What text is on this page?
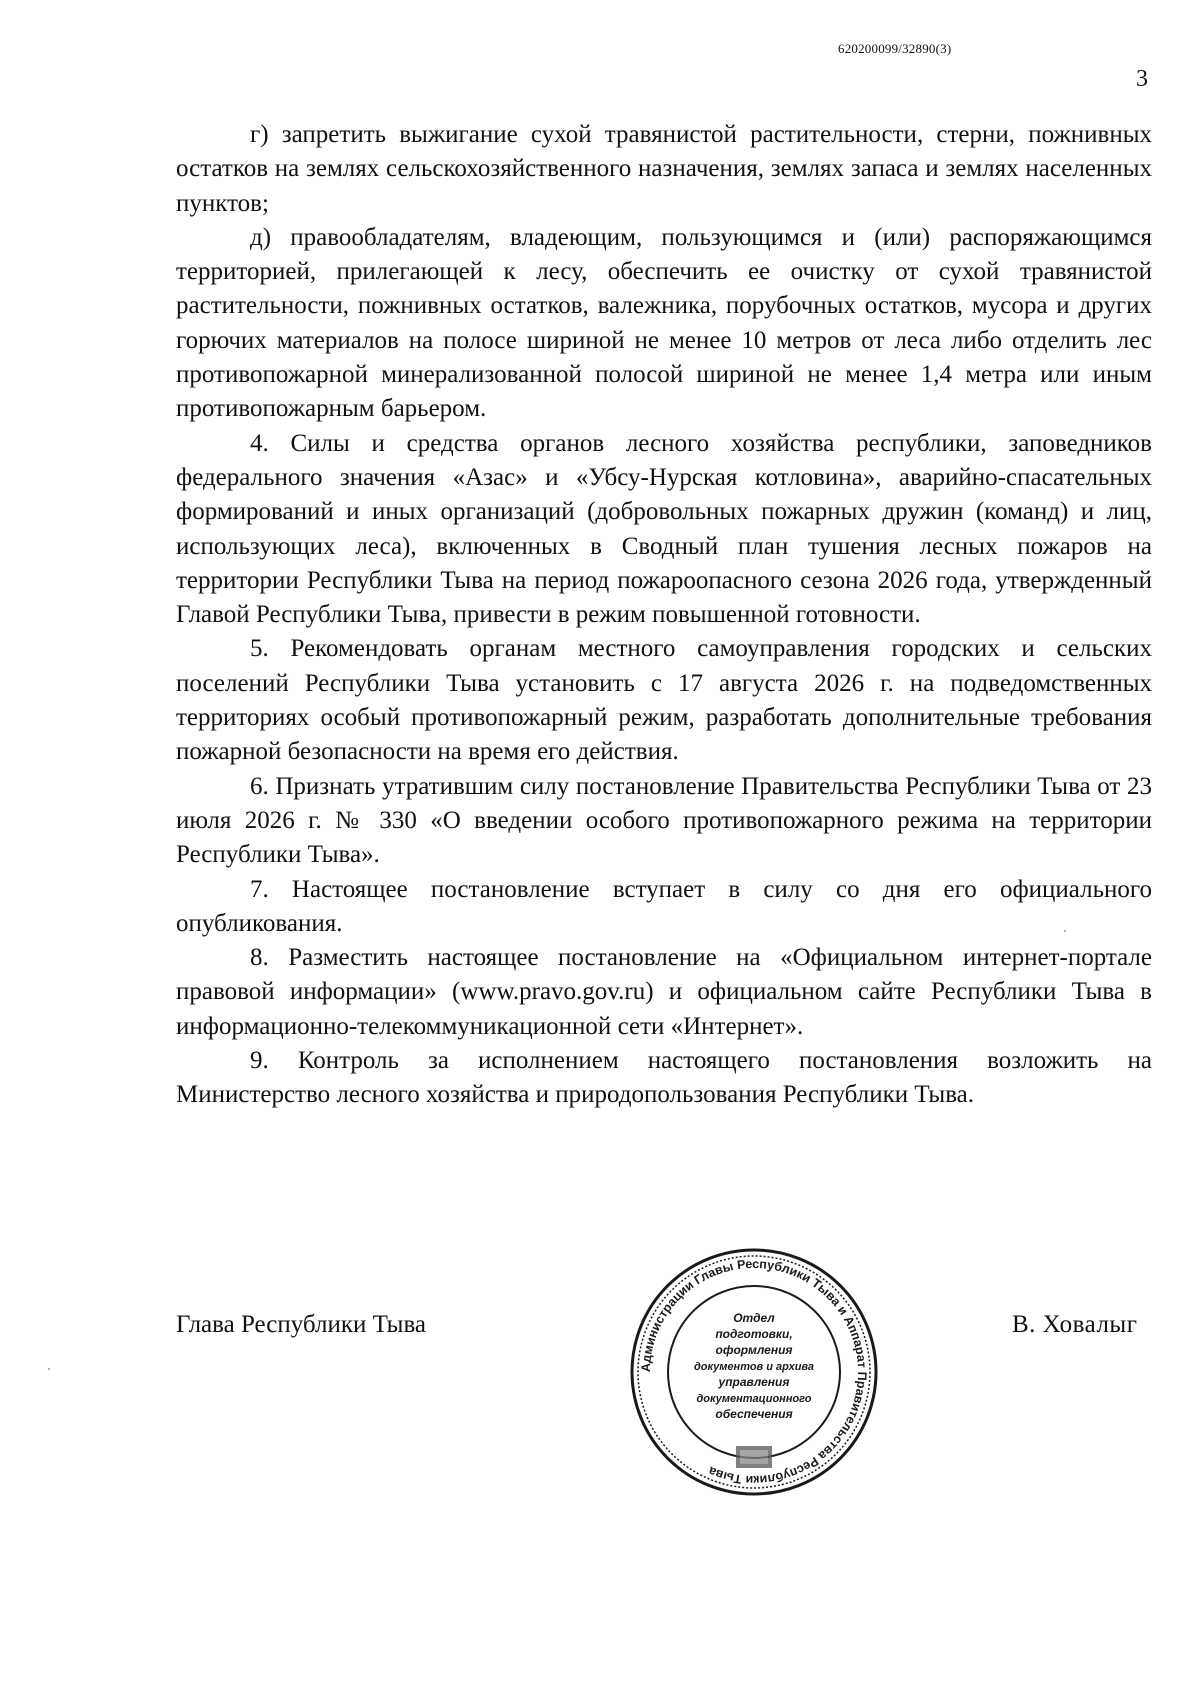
620200099/32890(3)
3

г) запретить выжигание сухой травянистой растительности, стерни, пожнивных остатков на землях сельскохозяйственного назначения, землях запаса и землях населенных пунктов;

д) правообладателям, владеющим, пользующимся и (или) распоряжающимся территорией, прилегающей к лесу, обеспечить ее очистку от сухой травянистой растительности, пожнивных остатков, валежника, порубочных остатков, мусора и других горючих материалов на полосе шириной не менее 10 метров от леса либо отделить лес противопожарной минерализованной полосой шириной не менее 1,4 метра или иным противопожарным барьером.

4. Силы и средства органов лесного хозяйства республики, заповедников федерального значения «Азас» и «Убсу-Нурская котловина», аварийно-спасательных формирований и иных организаций (добровольных пожарных дружин (команд) и лиц, использующих леса), включенных в Сводный план тушения лесных пожаров на территории Республики Тыва на период пожароопасного сезона 2026 года, утвержденный Главой Республики Тыва, привести в режим повышенной готовности.

5. Рекомендовать органам местного самоуправления городских и сельских поселений Республики Тыва установить с 17 августа 2026 г. на подведомственных территориях особый противопожарный режим, разработать дополнительные требования пожарной безопасности на время его действия.

6. Признать утратившим силу постановление Правительства Республики Тыва от 23 июля 2026 г. № 330 «О введении особого противопожарного режима на территории Республики Тыва».

7. Настоящее постановление вступает в силу со дня его официального опубликования.

8. Разместить настоящее постановление на «Официальном интернет-портале правовой информации» (www.pravo.gov.ru) и официальном сайте Республики Тыва в информационно-телекоммуникационной сети «Интернет».

9. Контроль за исполнением настоящего постановления возложить на Министерство лесного хозяйства и природопользования Республики Тыва.

Глава Республики Тыва	В. Ховалыг
Администрации Главы Республики Тыва и Аппарат Правительства Республики Тыва
Отдел
подготовки,
оформления
документов и архива
управления
документационного
обеспечения
